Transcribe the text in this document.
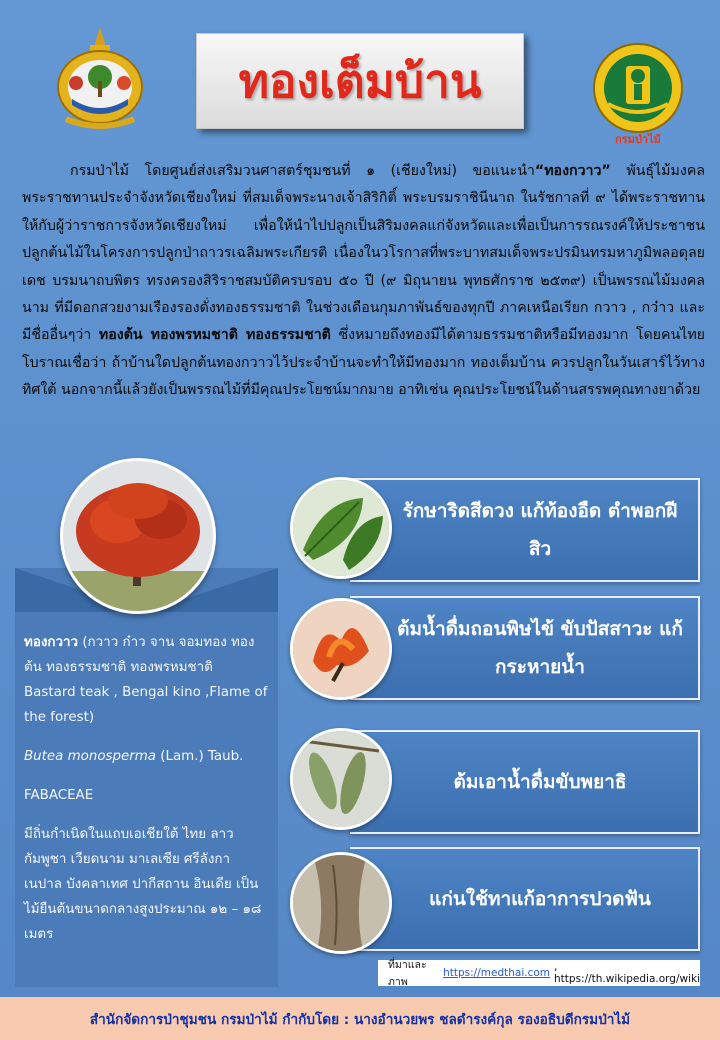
ทองเต็มบ้าน
กรมป่าไม้

กรมป่าไม้ โดยศูนย์ส่งเสริมวนศาสตร์ชุมชนที่ ๑ (เชียงใหม่) ขอแนะนำ“ทองกวาว” พันธุ์ไม้มงคลพระราชทานประจำจังหวัดเชียงใหม่ ที่สมเด็จพระนางเจ้าสิริกิติ์ พระบรมราชินีนาถ ในรัชกาลที่ ๙ ได้พระราชทานให้กับผู้ว่าราชการจังหวัดเชียงใหม่ เพื่อให้นำไปปลูกเป็นสิริมงคลแก่จังหวัดและเพื่อเป็นการรณรงค์ให้ประชาชนปลูกต้นไม้ในโครงการปลูกป่าถาวรเฉลิมพระเกียรติ เนื่องในวโรกาสที่พระบาทสมเด็จพระปรมินทรมหาภูมิพลอดุลยเดช บรมนาถบพิตร ทรงครองสิริราชสมบัติครบรอบ ๕๐ ปี (๙ มิถุนายน พุทธศักราช ๒๕๓๙) เป็นพรรณไม้มงคลนาม ที่มีดอกสวยงามเรืองรองดั่งทองธรรมชาติ ในช่วงเดือนกุมภาพันธ์ของทุกปี ภาคเหนือเรียก กวาว , กว๋าว และมีชื่ออื่นๆว่า ทองต้น ทองพรหมชาติ ทองธรรมชาติ ซึ่งหมายถึงทองมีได้ตามธรรมชาติหรือมีทองมาก โดยคนไทยโบราณเชื่อว่า ถ้าบ้านใดปลูกต้นทองกวาวไว้ประจำบ้านจะทำให้มีทองมาก ทองเต็มบ้าน ควรปลูกในวันเสาร์ไว้ทางทิศใต้ นอกจากนี้แล้วยังเป็นพรรณไม้ที่มีคุณประโยชน์มากมาย อาทิเช่น คุณประโยชน์ในด้านสรรพคุณทางยาด้วย

ทองกวาว (กวาว ก๋าว จาน จอมทอง ทองต้น ทองธรรมชาติ ทองพรหมชาติ

Bastard teak , Bengal kino ,Flame of the forest)

Butea monosperma (Lam.) Taub.

FABACEAE

มีถิ่นกำเนิดในแถบเอเชียใต้ ไทย ลาว กัมพูชา เวียดนาม มาเลเซีย ศรีลังกา เนปาล บังคลาเทศ ปากีสถาน อินเดีย เป็นไม้ยืนต้นขนาดกลางสูงประมาณ ๑๒ – ๑๘ เมตร

รักษาริดสีดวง แก้ท้องอืด ตำพอกฝี สิว
ต้มน้ำดื่มถอนพิษไข้ ขับปัสสาวะ แก้กระหายน้ำ
ต้มเอาน้ำดื่มขับพยาธิ
แก่นใช้ทาแก้อาการปวดฟัน
ที่มาและภาพ
https://medthai.com , https://th.wikipedia.org/wiki
สำนักจัดการป่าชุมชน กรมป่าไม้ กำกับโดย : นางอำนวยพร ชลดำรงค์กุล รองอธิบดีกรมป่าไม้
